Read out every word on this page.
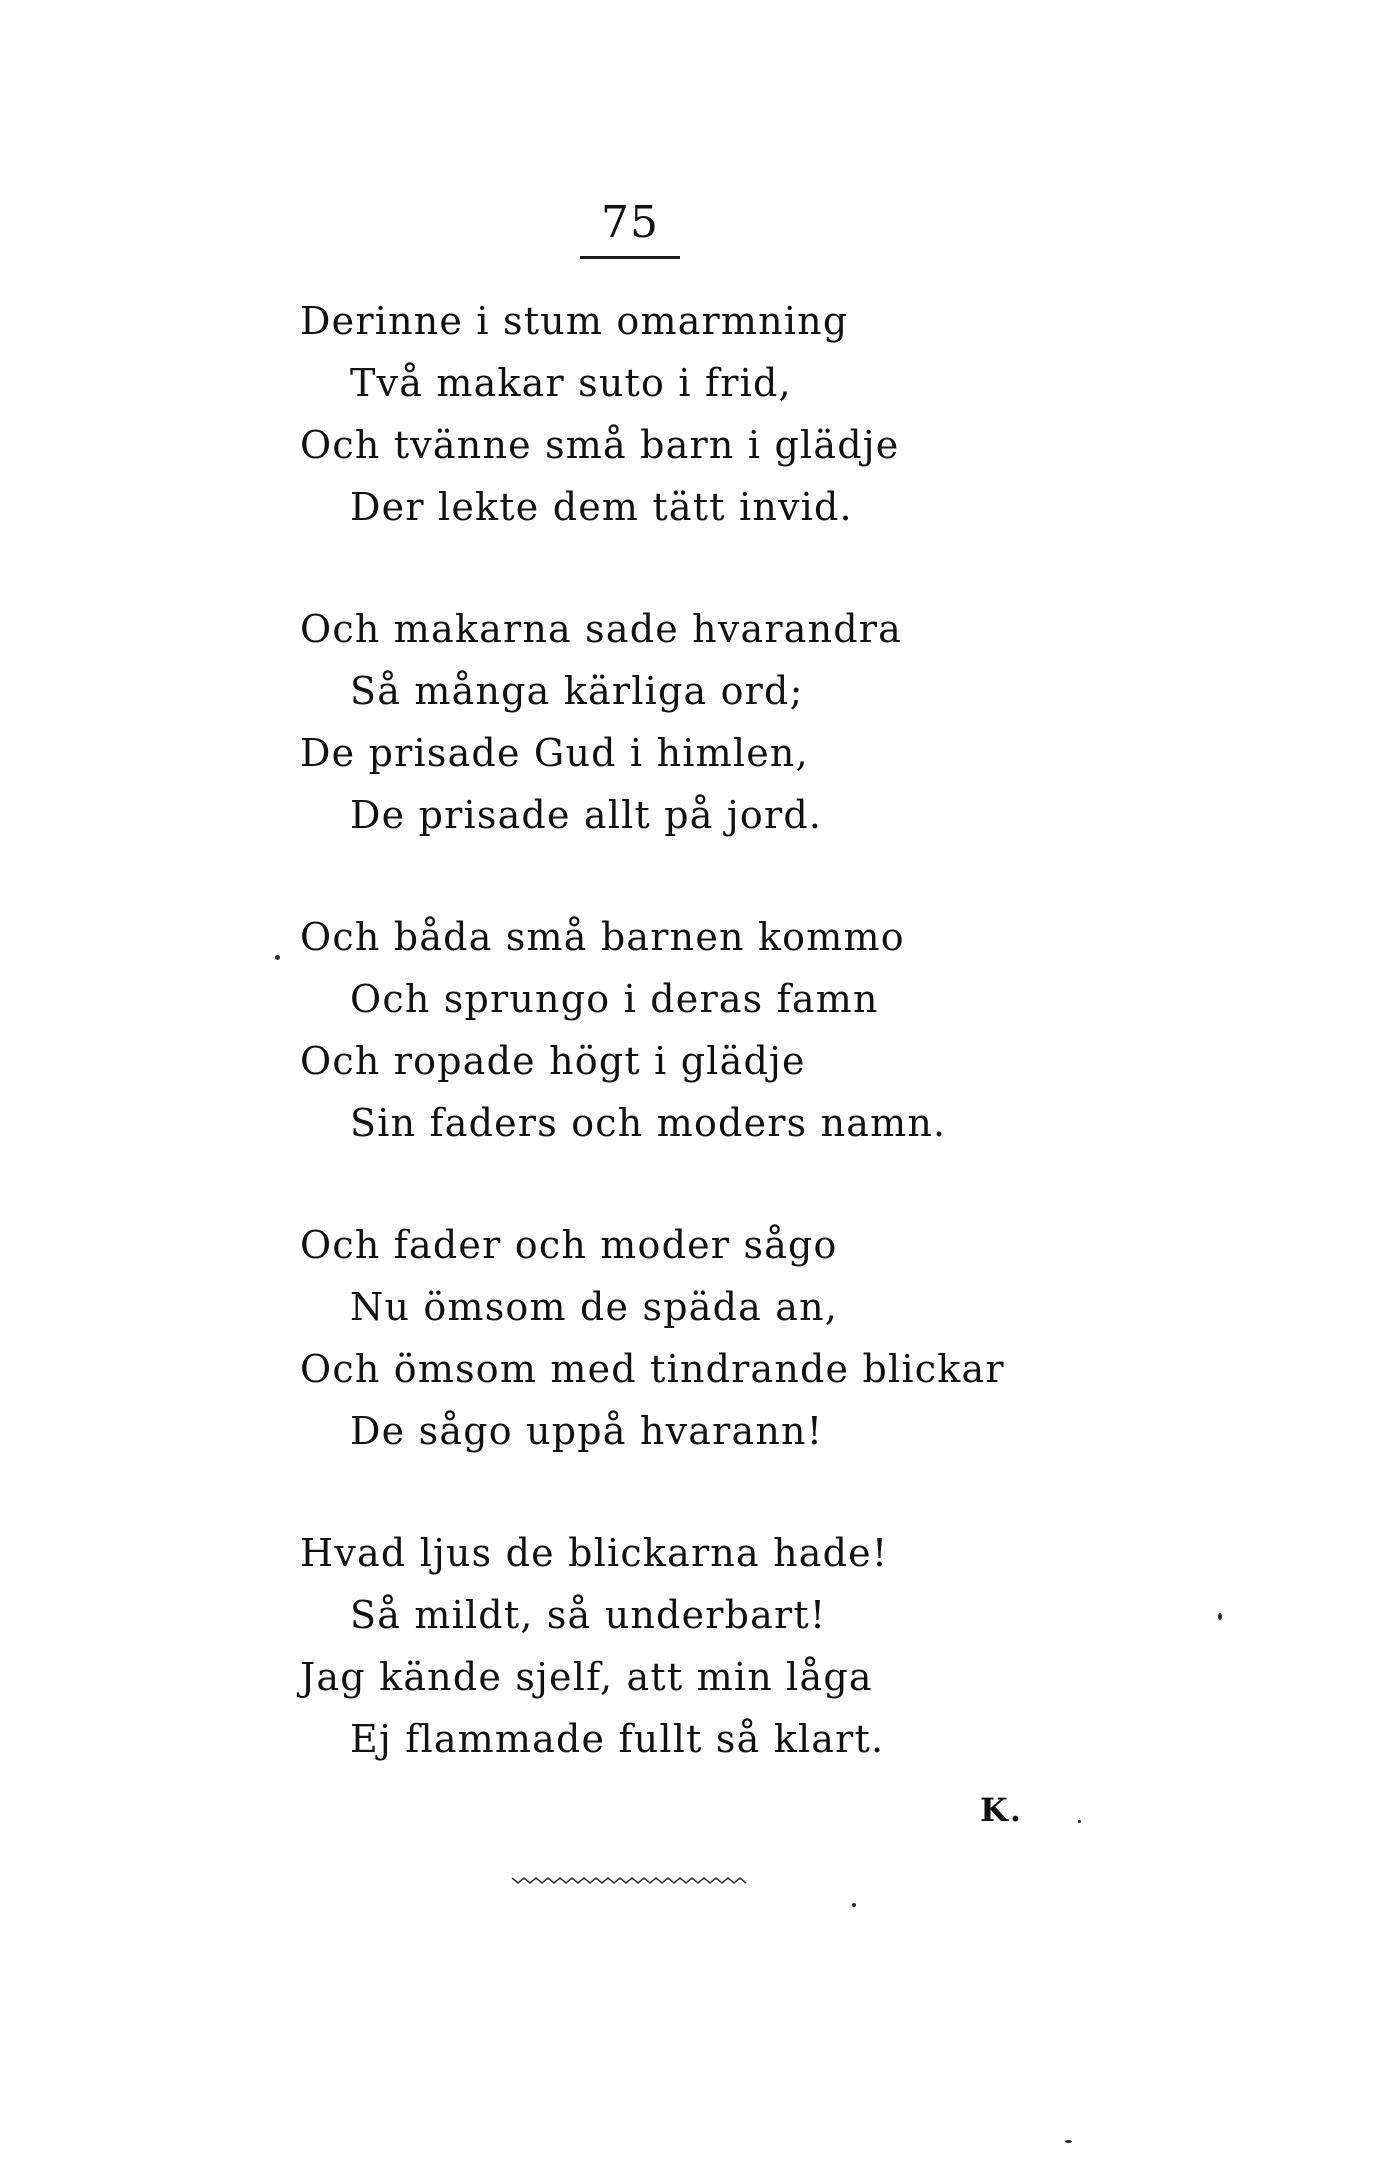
75
Derinne i stum omarmning
Två makar suto i frid,
Och tvänne små barn i glädje
Der lekte dem tätt invid.
Och makarna sade hvarandra
Så många kärliga ord;
De prisade Gud i himlen,
De prisade allt på jord.
Och båda små barnen kommo
Och sprungo i deras famn
Och ropade högt i glädje
Sin faders och moders namn.
Och fader och moder sågo
Nu ömsom de späda an,
Och ömsom med tindrande blickar
De sågo uppå hvarann!
Hvad ljus de blickarna hade!
Så mildt, så underbart!
Jag kände sjelf, att min låga
Ej flammade fullt så klart.
K.
